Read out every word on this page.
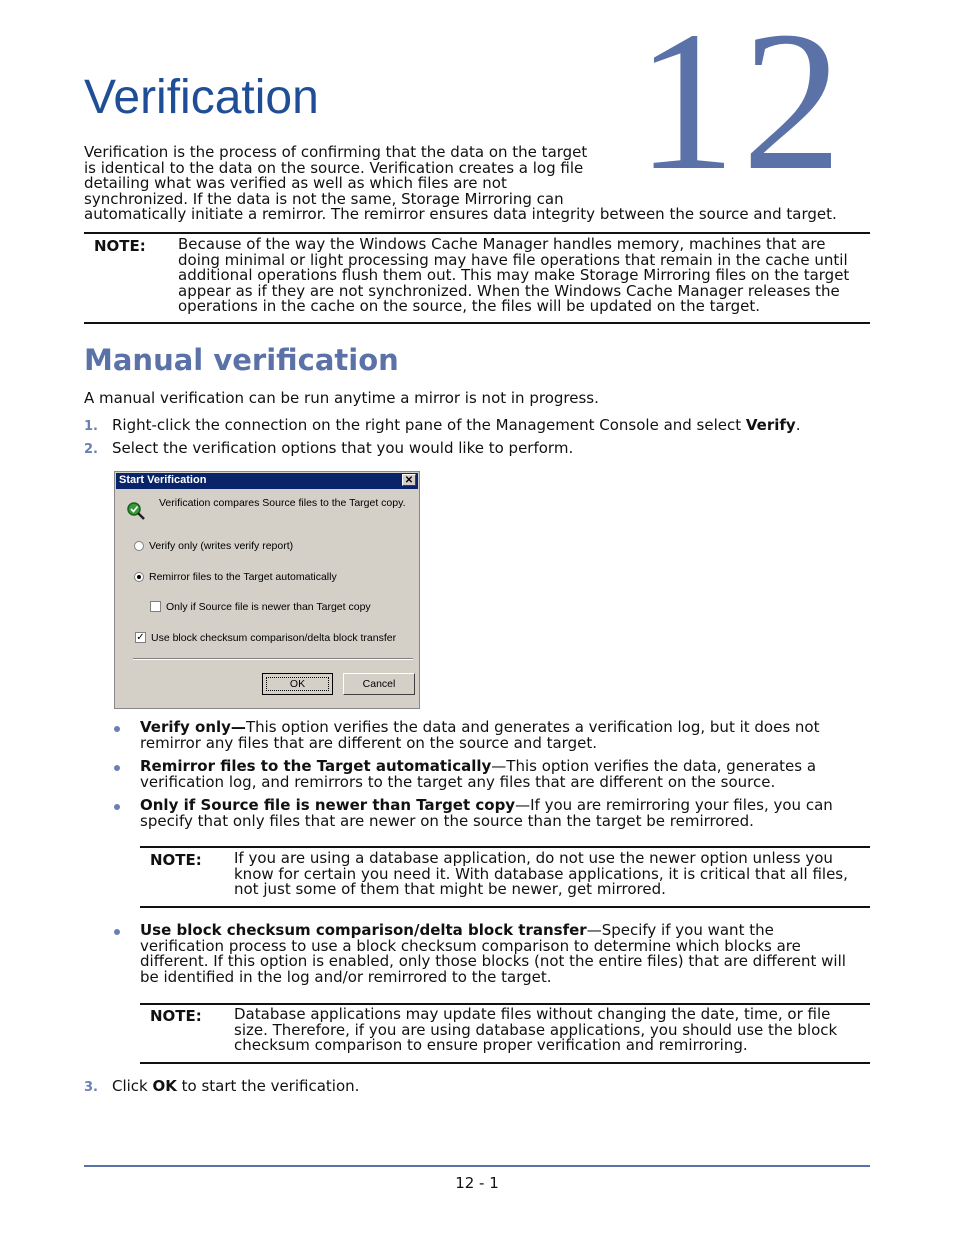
Verification 12
Verification is the process of confirming that the data on the target
is identical to the data on the source. Verification creates a log file
detailing what was verified as well as which files are not
synchronized. If the data is not the same, Storage Mirroring can
automatically initiate a remirror. The remirror ensures data integrity between the source and target.
NOTE: Because of the way the Windows Cache Manager handles memory, machines that are
doing minimal or light processing may have file operations that remain in the cache until
additional operations flush them out. This may make Storage Mirroring files on the target
appear as if they are not synchronized. When the Windows Cache Manager releases the
operations in the cache on the source, the files will be updated on the target.
Manual verification
A manual verification can be run anytime a mirror is not in progress.
1. Right-click the connection on the right pane of the Management Console and select Verify.
2. Select the verification options that you would like to perform.
Start Verification	✕
Verification compares Source files to the Target copy.
Verify only (writes verify report)
Remirror files to the Target automatically
Only if Source file is newer than Target copy
✓ Use block checksum comparison/delta block transfer
OK	Cancel
Verify only—This option verifies the data and generates a verification log, but it does not
remirror any files that are different on the source and target.
Remirror files to the Target automatically—This option verifies the data, generates a
verification log, and remirrors to the target any files that are different on the source.
Only if Source file is newer than Target copy—If you are remirroring your files, you can
specify that only files that are newer on the source than the target be remirrored.
NOTE: If you are using a database application, do not use the newer option unless you
know for certain you need it. With database applications, it is critical that all files,
not just some of them that might be newer, get mirrored.
Use block checksum comparison/delta block transfer—Specify if you want the
verification process to use a block checksum comparison to determine which blocks are
different. If this option is enabled, only those blocks (not the entire files) that are different will
be identified in the log and/or remirrored to the target.
NOTE: Database applications may update files without changing the date, time, or file
size. Therefore, if you are using database applications, you should use the block
checksum comparison to ensure proper verification and remirroring.
3. Click OK to start the verification.
12 - 1
